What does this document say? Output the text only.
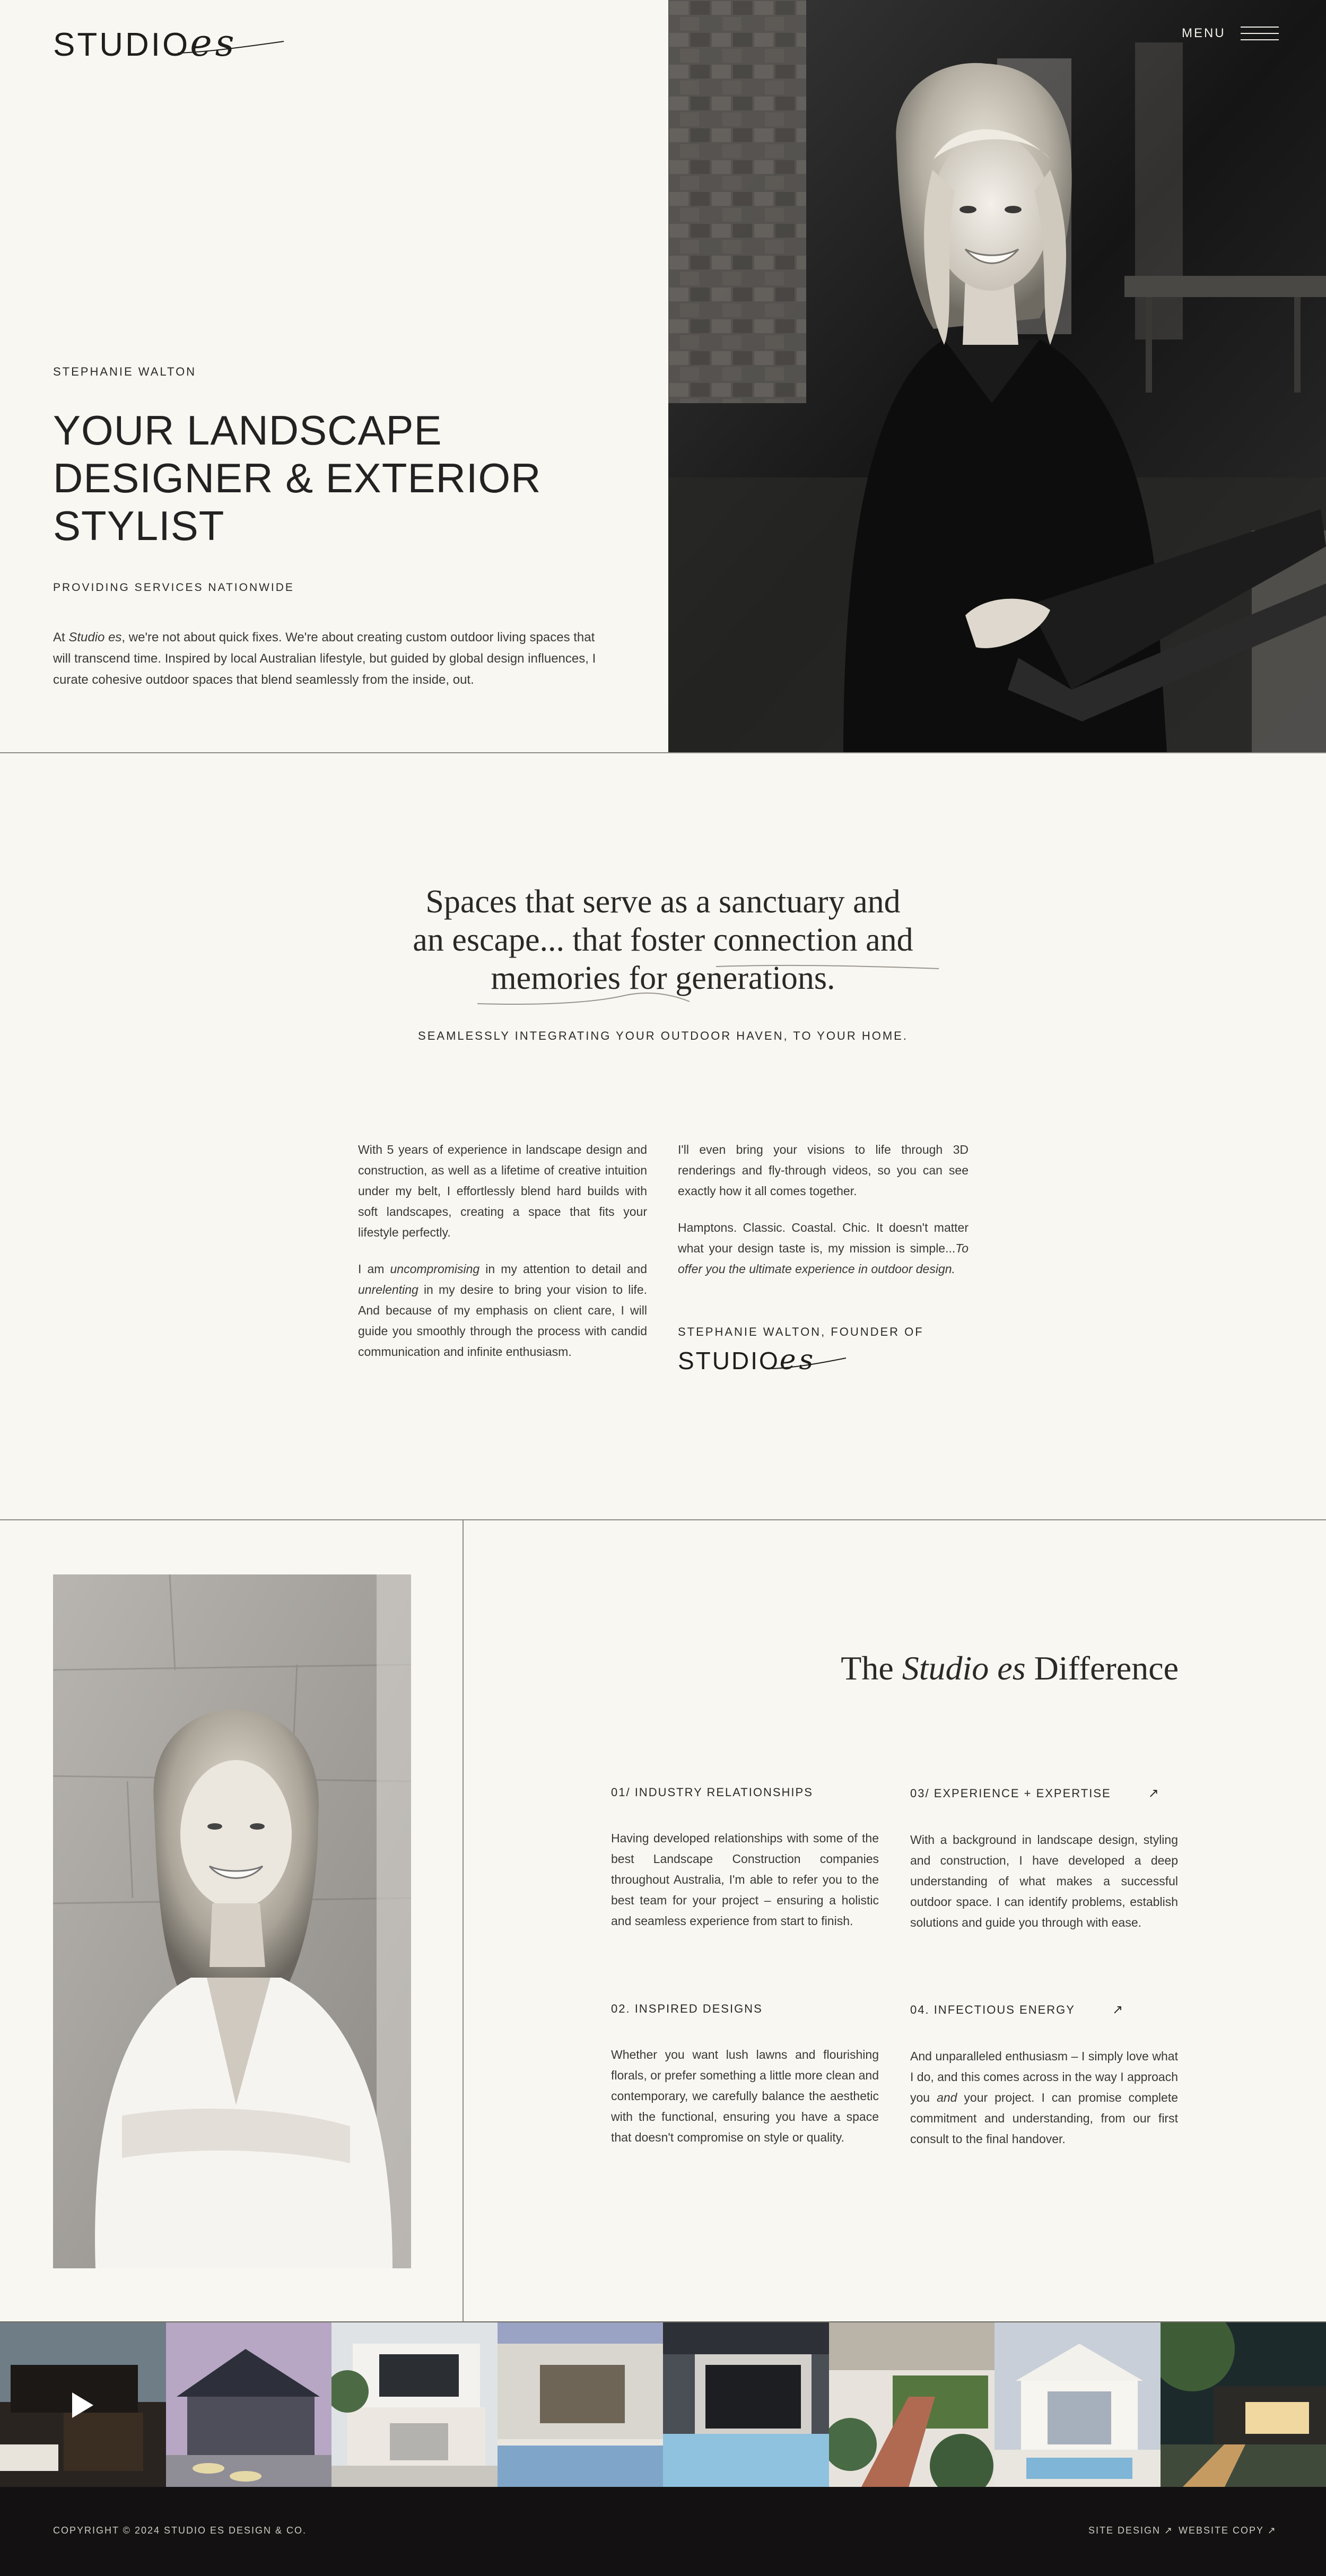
STUDIOes
STEPHANIE WALTON
YOUR LANDSCAPE
DESIGNER & EXTERIOR
STYLIST
PROVIDING SERVICES NATIONWIDE

At Studio es, we're not about quick fixes. We're about creating custom outdoor living spaces that will transcend time. Inspired by local Australian lifestyle, but guided by global design influences, I curate cohesive outdoor spaces that blend seamlessly from the inside, out.

MENU
Spaces that serve as a sanctuary and
an escape... that foster connection and
memories for generations.
SEAMLESSLY INTEGRATING YOUR OUTDOOR HAVEN, TO YOUR HOME.

With 5 years of experience in landscape design and construction, as well as a lifetime of creative intuition under my belt, I effortlessly blend hard builds with soft landscapes, creating a space that fits your lifestyle perfectly.

I am uncompromising in my attention to detail and unrelenting in my desire to bring your vision to life. And because of my emphasis on client care, I will guide you smoothly through the process with candid communication and infinite enthusiasm.

I'll even bring your visions to life through 3D renderings and fly-through videos, so you can see exactly how it all comes together.

Hamptons. Classic. Coastal. Chic. It doesn't matter what your design taste is, my mission is simple...To offer you the ultimate experience in outdoor design.

STEPHANIE WALTON, FOUNDER OF
STUDIOes
The Studio es Difference
01/ INDUSTRY RELATIONSHIPS

Having developed relationships with some of the best Landscape Construction companies throughout Australia, I'm able to refer you to the best team for your project – ensuring a holistic and seamless experience from start to finish.

03/ EXPERIENCE + EXPERTISE	↗

With a background in landscape design, styling and construction, I have developed a deep understanding of what makes a successful outdoor space. I can identify problems, establish solutions and guide you through with ease.

02. INSPIRED DESIGNS

Whether you want lush lawns and flourishing florals, or prefer something a little more clean and contemporary, we carefully balance the aesthetic with the functional, ensuring you have a space that doesn't compromise on style or quality.

04. INFECTIOUS ENERGY	↗

And unparalleled enthusiasm – I simply love what I do, and this comes across in the way I approach you and your project. I can promise complete commitment and understanding, from our first consult to the final handover.

COPYRIGHT © 2024 STUDIO ES DESIGN & CO.	SITE DESIGN ↗ WEBSITE COPY ↗
